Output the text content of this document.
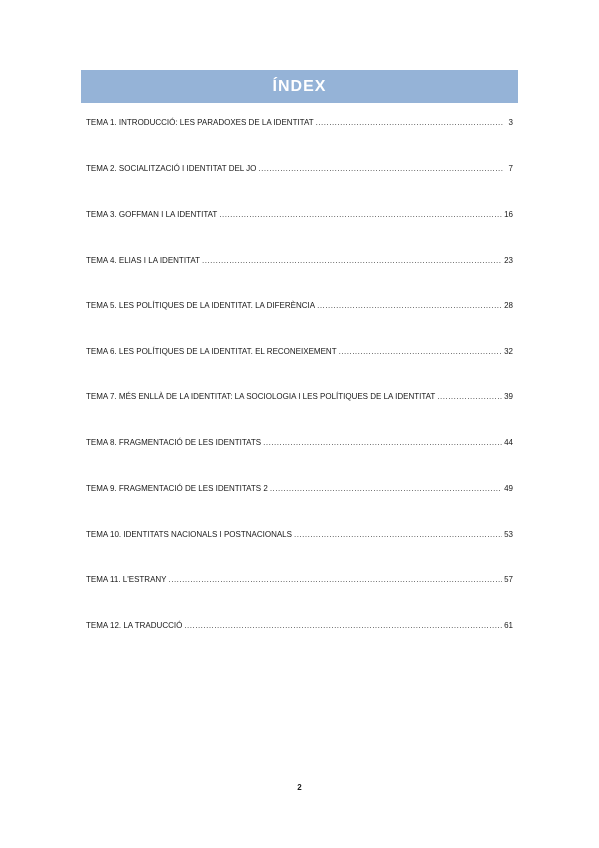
ÍNDEX
TEMA 1. INTRODUCCIÓ: LES PARADOXES DE LA IDENTITAT .....	3
TEMA 2. SOCIALITZACIÓ I IDENTITAT DEL JO .....	7
TEMA 3. GOFFMAN I LA IDENTITAT .....	16
TEMA 4. ELIAS I LA IDENTITAT .....	23
TEMA 5. LES POLÍTIQUES DE LA IDENTITAT. LA DIFERÈNCIA .....	28
TEMA 6. LES POLÍTIQUES DE LA IDENTITAT. EL RECONEIXEMENT .....	32
TEMA 7. MÉS ENLLÀ DE LA IDENTITAT: LA SOCIOLOGIA I LES POLÍTIQUES DE LA IDENTITAT .....	39
TEMA 8. FRAGMENTACIÓ DE LES IDENTITATS .....	44
TEMA 9. FRAGMENTACIÓ DE LES IDENTITATS 2 .....	49
TEMA 10. IDENTITATS NACIONALS I POSTNACIONALS .....	53
TEMA 11. L'ESTRANY .....	57
TEMA 12. LA TRADUCCIÓ .....	61
2
